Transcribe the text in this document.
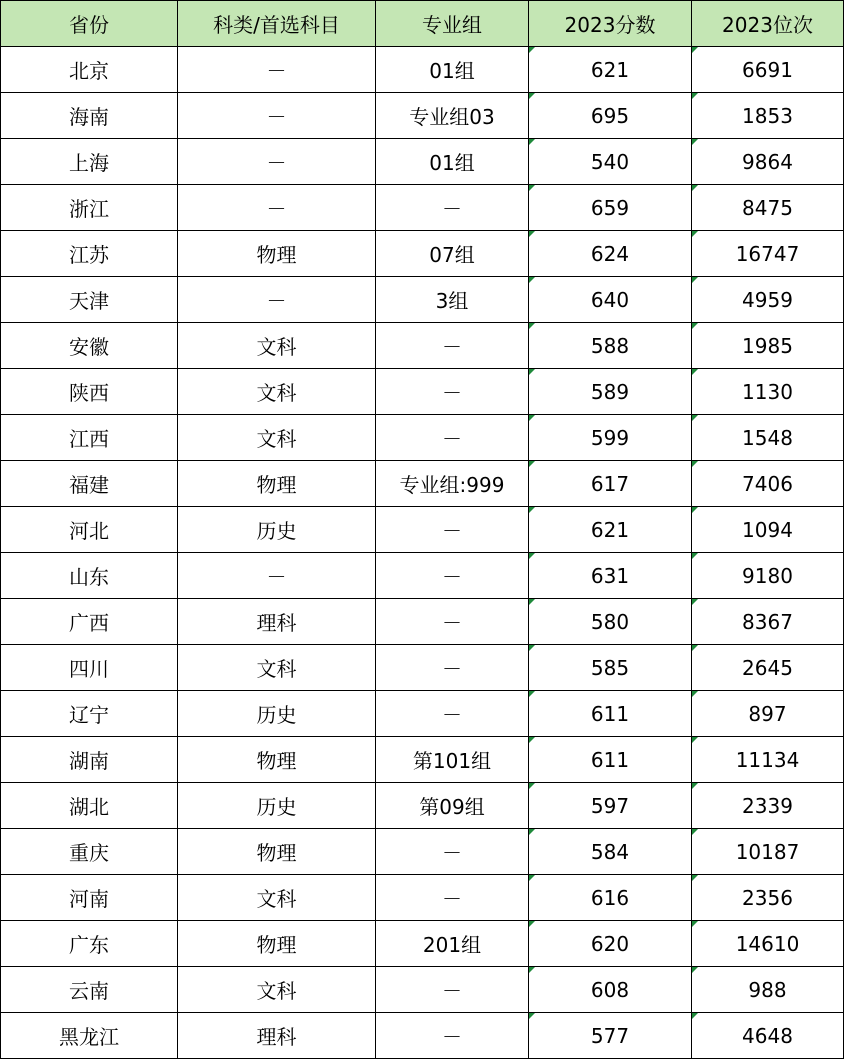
省份	科类/首选科目	专业组	2023分数	2023位次
北京	－	01组	621	6691
海南	－	专业组03	695	1853
上海	－	01组	540	9864
浙江	－	－	659	8475
江苏	物理	07组	624	16747
天津	－	3组	640	4959
安徽	文科	－	588	1985
陕西	文科	－	589	1130
江西	文科	－	599	1548
福建	物理	专业组:999	617	7406
河北	历史	－	621	1094
山东	－	－	631	9180
广西	理科	－	580	8367
四川	文科	－	585	2645
辽宁	历史	－	611	897
湖南	物理	第101组	611	11134
湖北	历史	第09组	597	2339
重庆	物理	－	584	10187
河南	文科	－	616	2356
广东	物理	201组	620	14610
云南	文科	－	608	988
黑龙江	理科	－	577	4648
